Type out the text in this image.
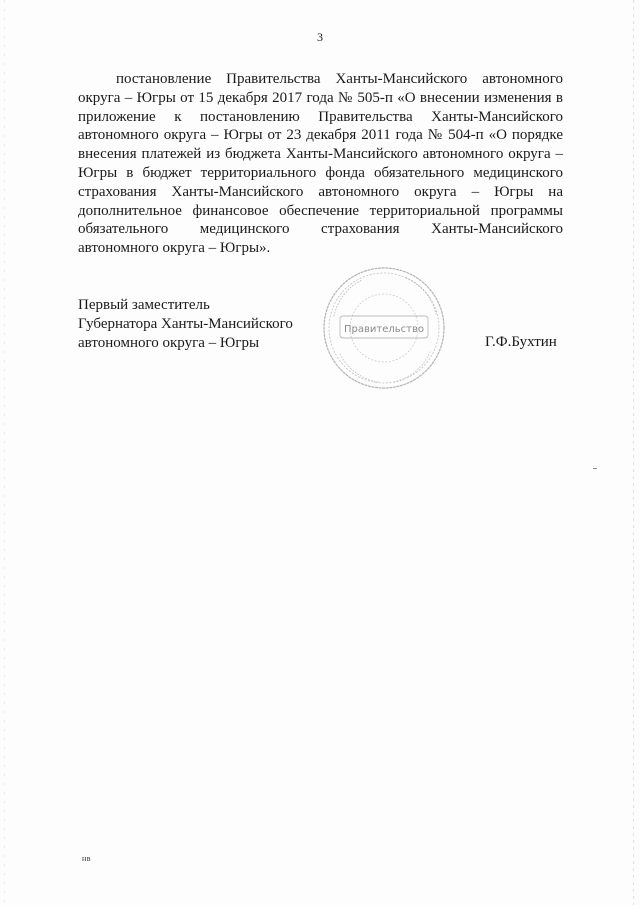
3
постановление Правительства Ханты-Мансийского автономного
округа – Югры от 15 декабря 2017 года № 505-п «О внесении изменения в
приложение к постановлению Правительства Ханты-Мансийского
автономного округа – Югры от 23 декабря 2011 года № 504-п «О порядке
внесения платежей из бюджета Ханты-Мансийского автономного округа –
Югры в бюджет территориального фонда обязательного медицинского
страхования Ханты-Мансийского автономного округа – Югры на
дополнительное финансовое обеспечение территориальной программы
обязательного медицинского страхования Ханты-Мансийского
автономного округа – Югры».
Первый заместитель
Губернатора Ханты-Мансийского
автономного округа – Югры
Правительство
Г.Ф.Бухтин
нв
